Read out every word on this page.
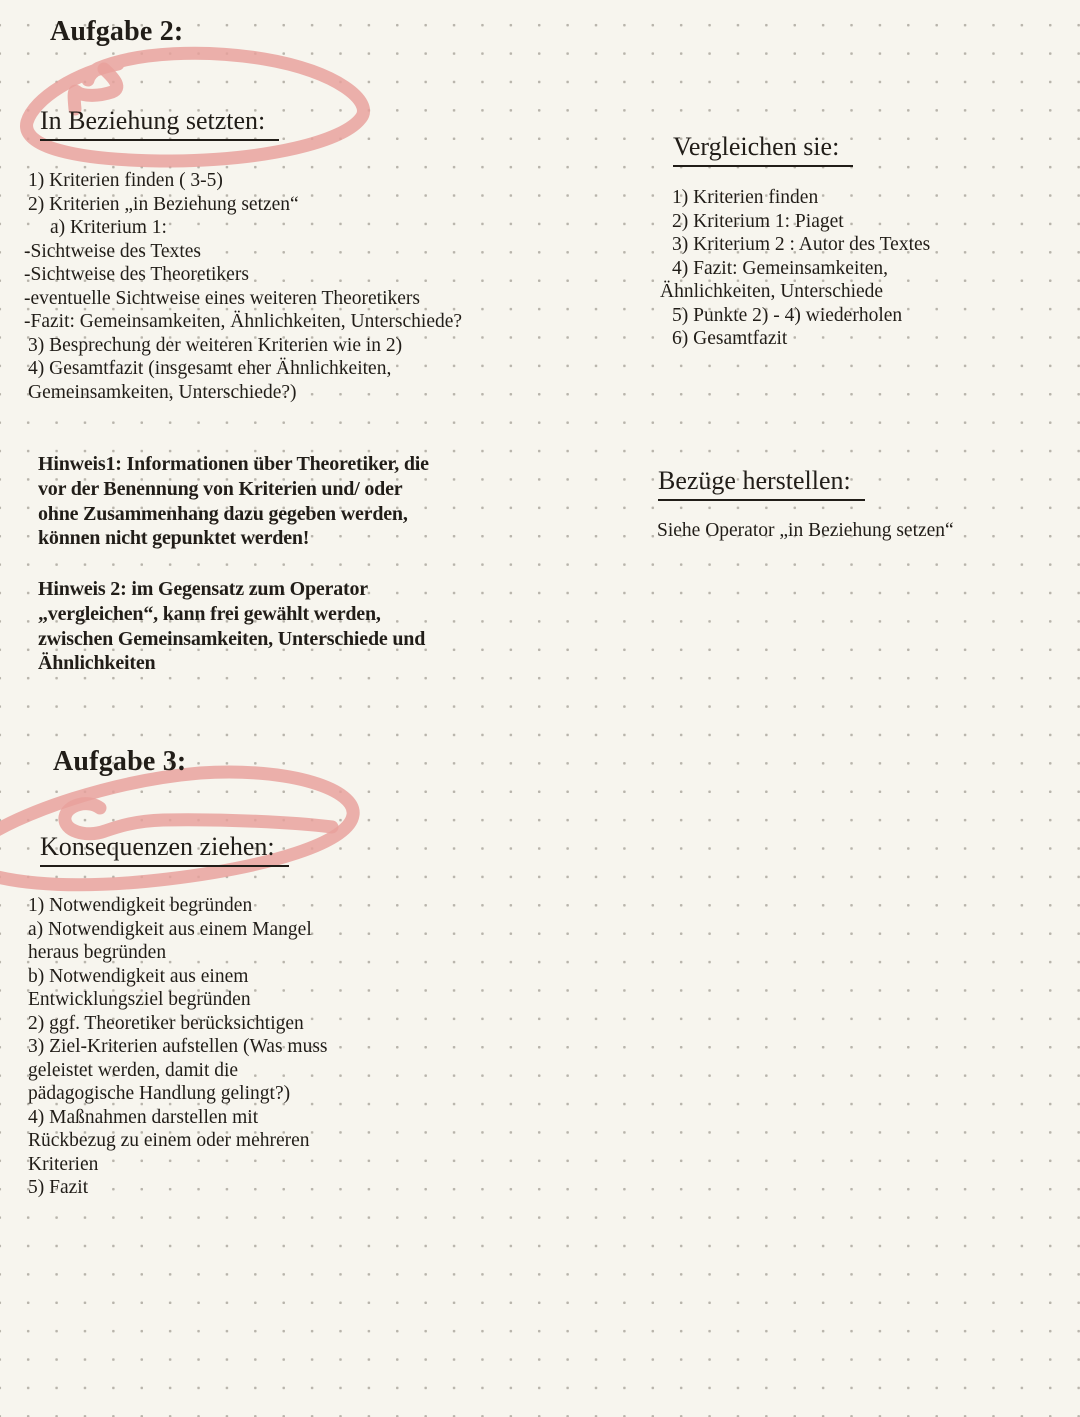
Aufgabe 2:
In Beziehung setzten:
1) Kriterien finden ( 3-5)
2) Kriterien „in Beziehung setzen“
a) Kriterium 1:
-Sichtweise des Textes
-Sichtweise des Theoretikers
-eventuelle Sichtweise eines weiteren Theoretikers
-Fazit: Gemeinsamkeiten, Ähnlichkeiten, Unterschiede?
3) Besprechung der weiteren Kriterien wie in 2)
4) Gesamtfazit (insgesamt eher Ähnlichkeiten,
Gemeinsamkeiten, Unterschiede?)
Hinweis1: Informationen über Theoretiker, die
vor der Benennung von Kriterien und/ oder
ohne Zusammenhang dazu gegeben werden,
können nicht gepunktet werden!
Hinweis 2: im Gegensatz zum Operator
„vergleichen“, kann frei gewählt werden,
zwischen Gemeinsamkeiten, Unterschiede und
Ähnlichkeiten
Vergleichen sie:
1) Kriterien finden
2) Kriterium 1: Piaget
3) Kriterium 2 : Autor des Textes
4) Fazit: Gemeinsamkeiten,
Ähnlichkeiten, Unterschiede
5) Punkte 2) - 4) wiederholen
6) Gesamtfazit
Bezüge herstellen:
Siehe Operator „in Beziehung setzen“
Aufgabe 3:
Konsequenzen ziehen:
1) Notwendigkeit begründen
a) Notwendigkeit aus einem Mangel
heraus begründen
b) Notwendigkeit aus einem
Entwicklungsziel begründen
2) ggf. Theoretiker berücksichtigen
3) Ziel-Kriterien aufstellen (Was muss
geleistet werden, damit die
pädagogische Handlung gelingt?)
4) Maßnahmen darstellen mit
Rückbezug zu einem oder mehreren
Kriterien
5) Fazit
